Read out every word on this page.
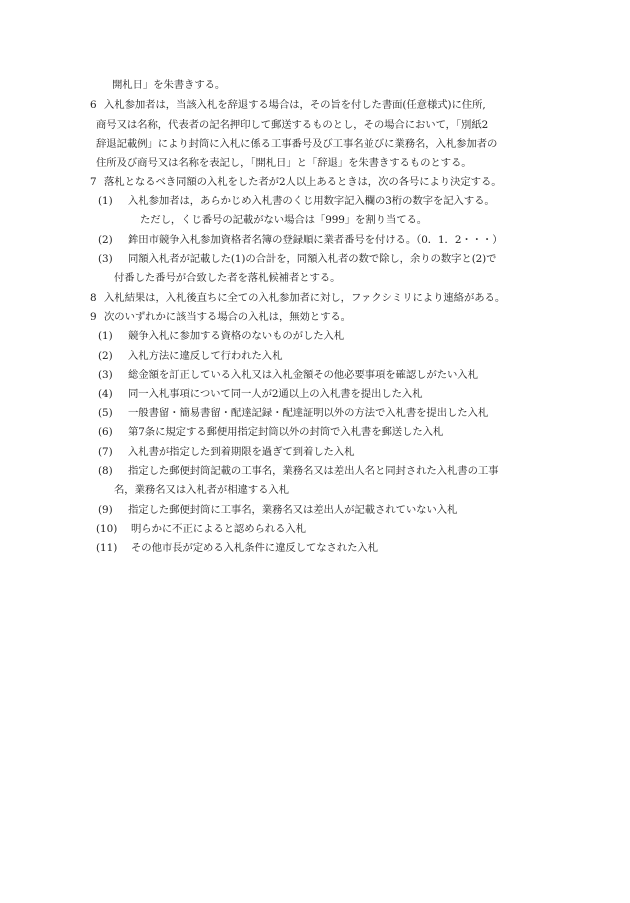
開札日」を朱書きする。
6 入札参加者は，当該入札を辞退する場合は，その旨を付した書面(任意様式)に住所,
商号又は名称，代表者の記名押印して郵送するものとし，その場合において，「別紙2
辞退記載例」により封筒に入札に係る工事番号及び工事名並びに業務名，入札参加者の
住所及び商号又は名称を表記し，「開札日」と「辞退」を朱書きするものとする。
7 落札となるべき同額の入札をした者が2人以上あるときは，次の各号により決定する。
(1) 入札参加者は，あらかじめ入札書のくじ用数字記入欄の3桁の数字を記入する。
ただし，くじ番号の記載がない場合は「999」を割り当てる。
(2) 鉾田市競争入札参加資格者名簿の登録順に業者番号を付ける。（0．1．2・・・）
(3) 同額入札者が記載した(1)の合計を，同額入札者の数で除し，余りの数字と(2)で
付番した番号が合致した者を落札候補者とする。
8 入札結果は，入札後直ちに全ての入札参加者に対し，ファクシミリにより連絡がある。
9 次のいずれかに該当する場合の入札は，無効とする。
(1) 競争入札に参加する資格のないものがした入札
(2) 入札方法に違反して行われた入札
(3) 総金額を訂正している入札又は入札金額その他必要事項を確認しがたい入札
(4) 同一入札事項について同一人が2通以上の入札書を提出した入札
(5) 一般書留・簡易書留・配達記録・配達証明以外の方法で入札書を提出した入札
(6) 第7条に規定する郵便用指定封筒以外の封筒で入札書を郵送した入札
(7) 入札書が指定した到着期限を過ぎて到着した入札
(8) 指定した郵便封筒記載の工事名，業務名又は差出人名と同封された入札書の工事
名，業務名又は入札者が相違する入札
(9) 指定した郵便封筒に工事名，業務名又は差出人が記載されていない入札
(10) 明らかに不正によると認められる入札
(11) その他市長が定める入札条件に違反してなされた入札
